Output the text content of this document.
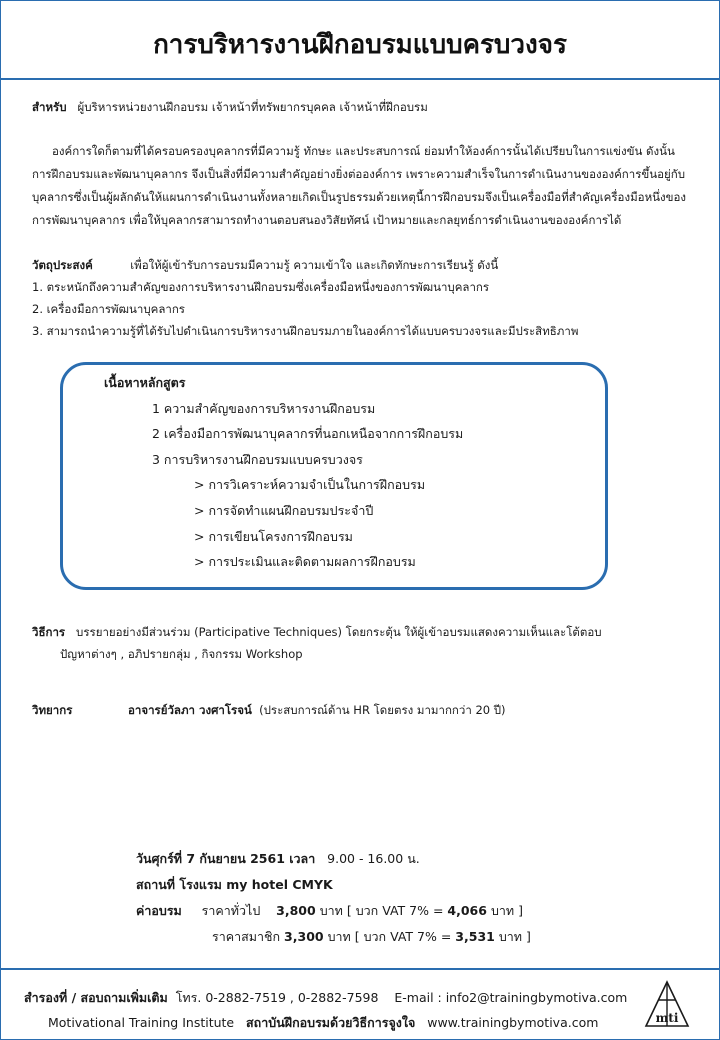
การบริหารงานฝึกอบรมแบบครบวงจร
สำหรับ ผู้บริหารหน่วยงานฝึกอบรม เจ้าหน้าที่ทรัพยากรบุคคล เจ้าหน้าที่ฝึกอบรม
องค์การใดก็ตามที่ได้ครอบครองบุคลากรที่มีความรู้ ทักษะ และประสบการณ์ ย่อมทำให้องค์การนั้นได้เปรียบในการแข่งขัน ดังนั้น
การฝึกอบรมและพัฒนาบุคลากร จึงเป็นสิ่งที่มีความสำคัญอย่างยิ่งต่อองค์การ เพราะความสำเร็จในการดำเนินงานขององค์การขึ้นอยู่กับ
บุคลากรซึ่งเป็นผู้ผลักดันให้แผนการดำเนินงานทั้งหลายเกิดเป็นรูปธรรมด้วยเหตุนี้การฝึกอบรมจึงเป็นเครื่องมือที่สำคัญเครื่องมือหนึ่งของ
การพัฒนาบุคลากร เพื่อให้บุคลากรสามารถทำงานตอบสนองวิสัยทัศน์ เป้าหมายและกลยุทธ์การดำเนินงานขององค์การได้
วัตถุประสงค์	เพื่อให้ผู้เข้ารับการอบรมมีความรู้ ความเข้าใจ และเกิดทักษะการเรียนรู้ ดังนี้
1. ตระหนักถึงความสำคัญของการบริหารงานฝึกอบรมซึ่งเครื่องมือหนึ่งของการพัฒนาบุคลากร
2. เครื่องมือการพัฒนาบุคลากร
3. สามารถนำความรู้ที่ได้รับไปดำเนินการบริหารงานฝึกอบรมภายในองค์การได้แบบครบวงจรและมีประสิทธิภาพ
เนื้อหาหลักสูตร
1 ความสำคัญของการบริหารงานฝึกอบรม
2 เครื่องมือการพัฒนาบุคลากรที่นอกเหนือจากการฝึกอบรม
3 การบริหารงานฝึกอบรมแบบครบวงจร
> การวิเคราะห์ความจำเป็นในการฝึกอบรม
> การจัดทำแผนฝึกอบรมประจำปี
> การเขียนโครงการฝึกอบรม
> การประเมินและติดตามผลการฝึกอบรม
วิธีการ บรรยายอย่างมีส่วนร่วม (Participative Techniques) โดยกระตุ้น ให้ผู้เข้าอบรมแสดงความเห็นและโต้ตอบ
ปัญหาต่างๆ , อภิปรายกลุ่ม , กิจกรรม Workshop
วิทยากร	อาจารย์วัลภา วงศาโรจน์ (ประสบการณ์ด้าน HR โดยตรง มามากกว่า 20 ปี)
วันศุกร์ที่ 7 กันยายน 2561 เวลา 9.00 - 16.00 น.
สถานที่ โรงแรม my hotel CMYK
ค่าอบรม ราคาทั่วไป 3,800 บาท [ บวก VAT 7% = 4,066 บาท ]
ราคาสมาชิก 3,300 บาท [ บวก VAT 7% = 3,531 บาท ]
สำรองที่ / สอบถามเพิ่มเติม โทร. 0-2882-7519 , 0-2882-7598 E-mail : info2@trainingbymotiva.com
Motivational Training Institute สถาบันฝึกอบรมด้วยวิธีการจูงใจ www.trainingbymotiva.com	mti
